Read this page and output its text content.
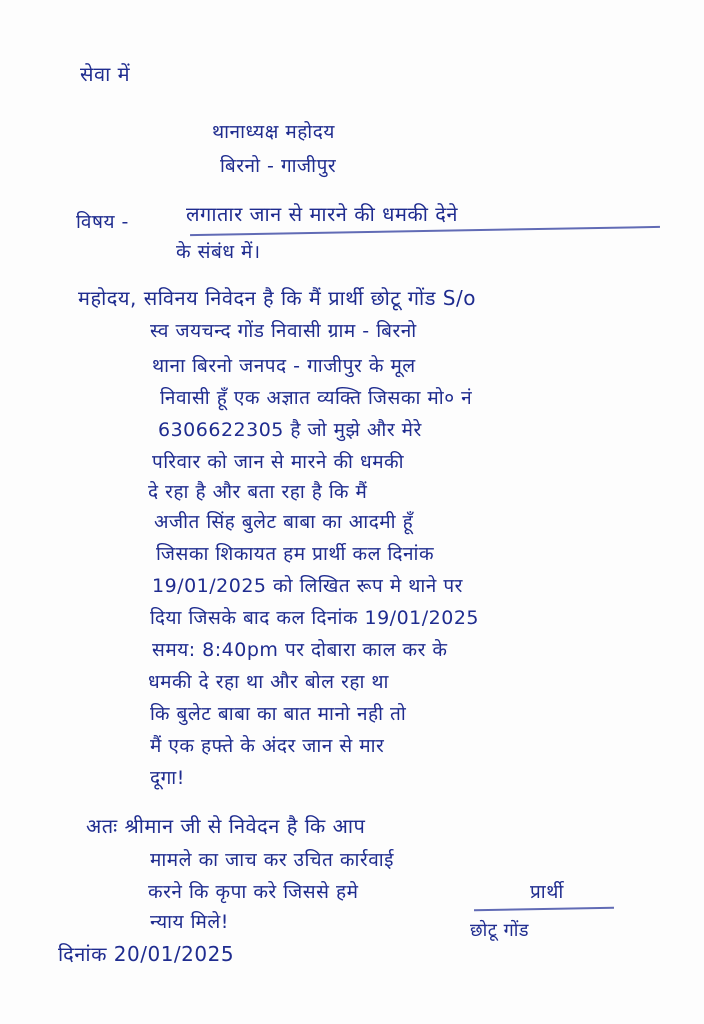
सेवा में
थानाध्यक्ष महोदय
बिरनो - गाजीपुर
विषय -	लगातार जान से मारने की धमकी देने
के संबंध में।
महोदय, सविनय निवेदन है कि मैं प्रार्थी छोटू गोंड S/o
स्व जयचन्द गोंड निवासी ग्राम - बिरनो
थाना बिरनो जनपद - गाजीपुर के मूल
निवासी हूँ एक अज्ञात व्यक्ति जिसका मो० नं
6306622305 है जो मुझे और मेरे
परिवार को जान से मारने की धमकी
दे रहा है और बता रहा है कि मैं
अजीत सिंह बुलेट बाबा का आदमी हूँ
जिसका शिकायत हम प्रार्थी कल दिनांक
19/01/2025 को लिखित रूप मे थाने पर
दिया जिसके बाद कल दिनांक 19/01/2025
समय: 8:40pm पर दोबारा काल कर के
धमकी दे रहा था और बोल रहा था
कि बुलेट बाबा का बात मानो नही तो
मैं एक हफ्ते के अंदर जान से मार
दूगा!
अतः श्रीमान जी से निवेदन है कि आप
मामले का जाच कर उचित कार्रवाई
करने कि कृपा करे जिससे हमे
न्याय मिले!
प्रार्थी
छोटू गोंड
दिनांक 20/01/2025
